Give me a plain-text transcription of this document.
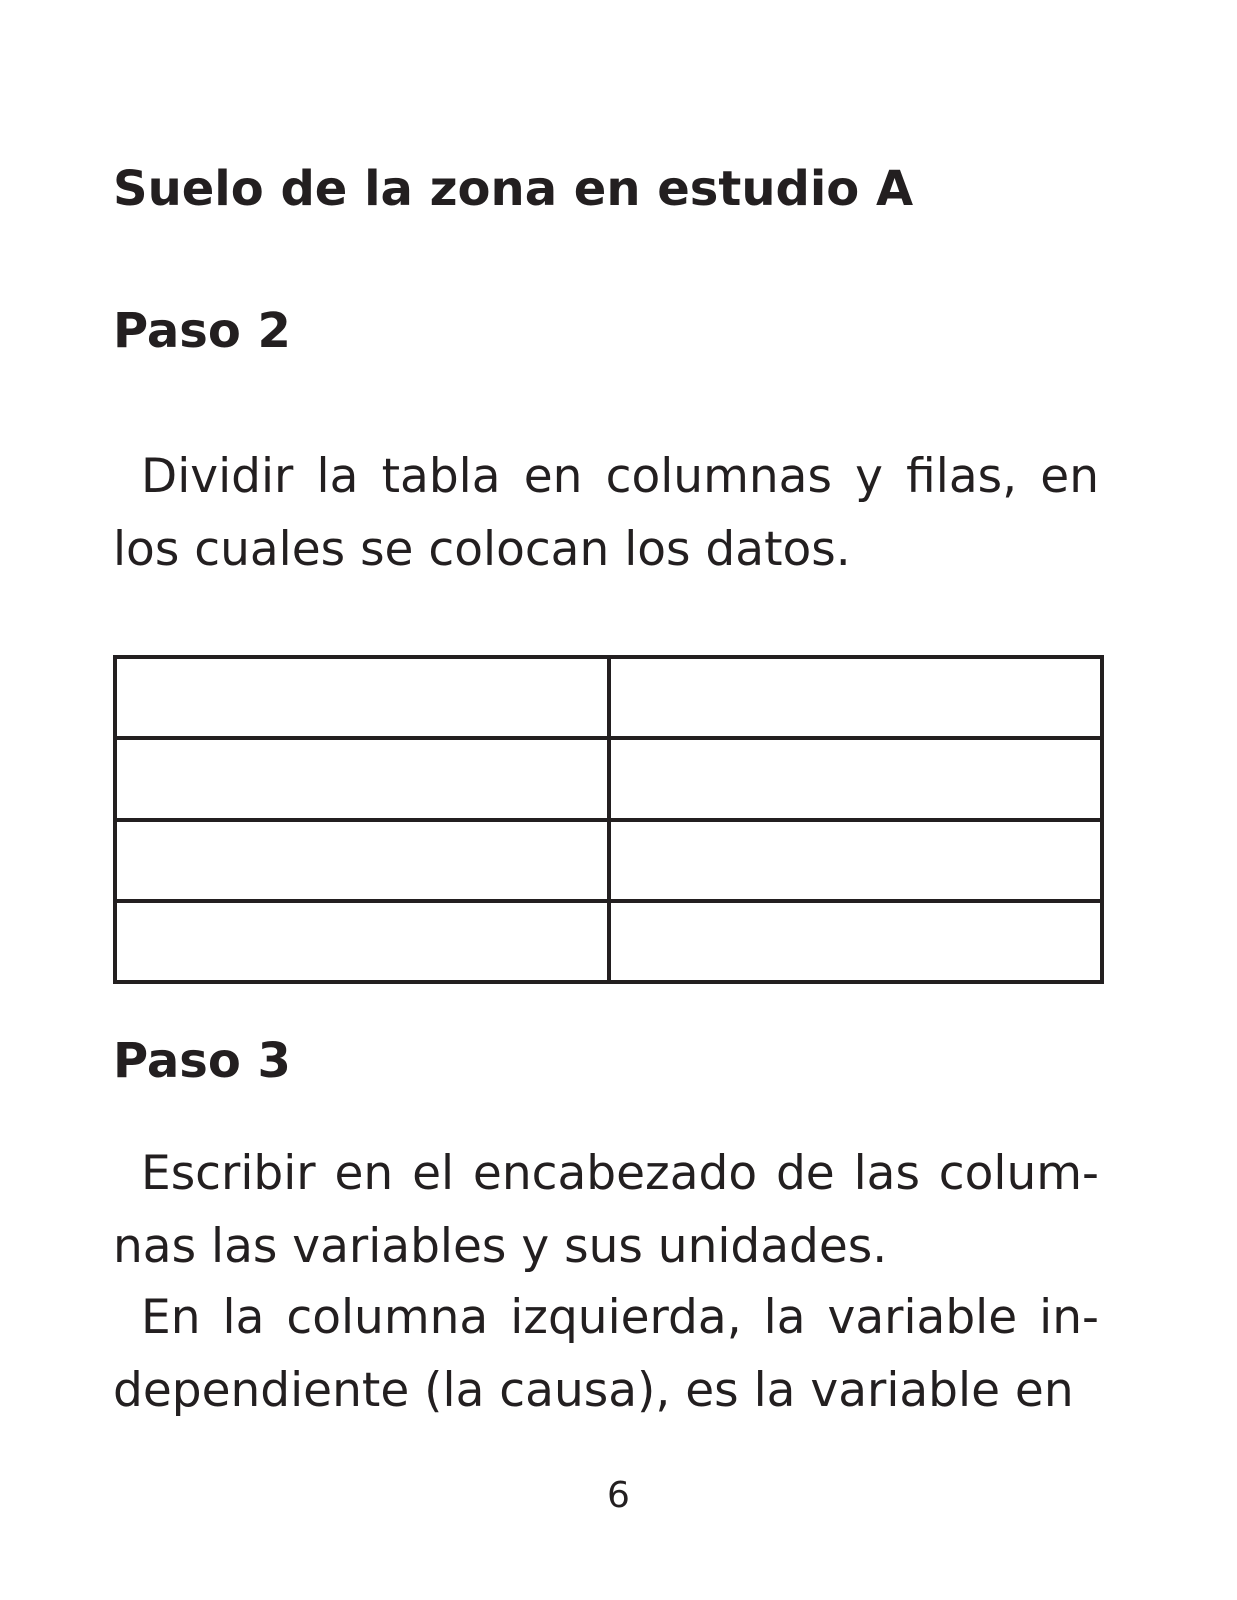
Suelo de la zona en estudio A
Paso 2

Dividir la tabla en columnas y filas, en los cuales se colocan los datos.

Paso 3

Escribir en el encabezado de las columnas las variables y sus unidades.

En la columna izquierda, la variable independiente (la causa), es la variable en

6
